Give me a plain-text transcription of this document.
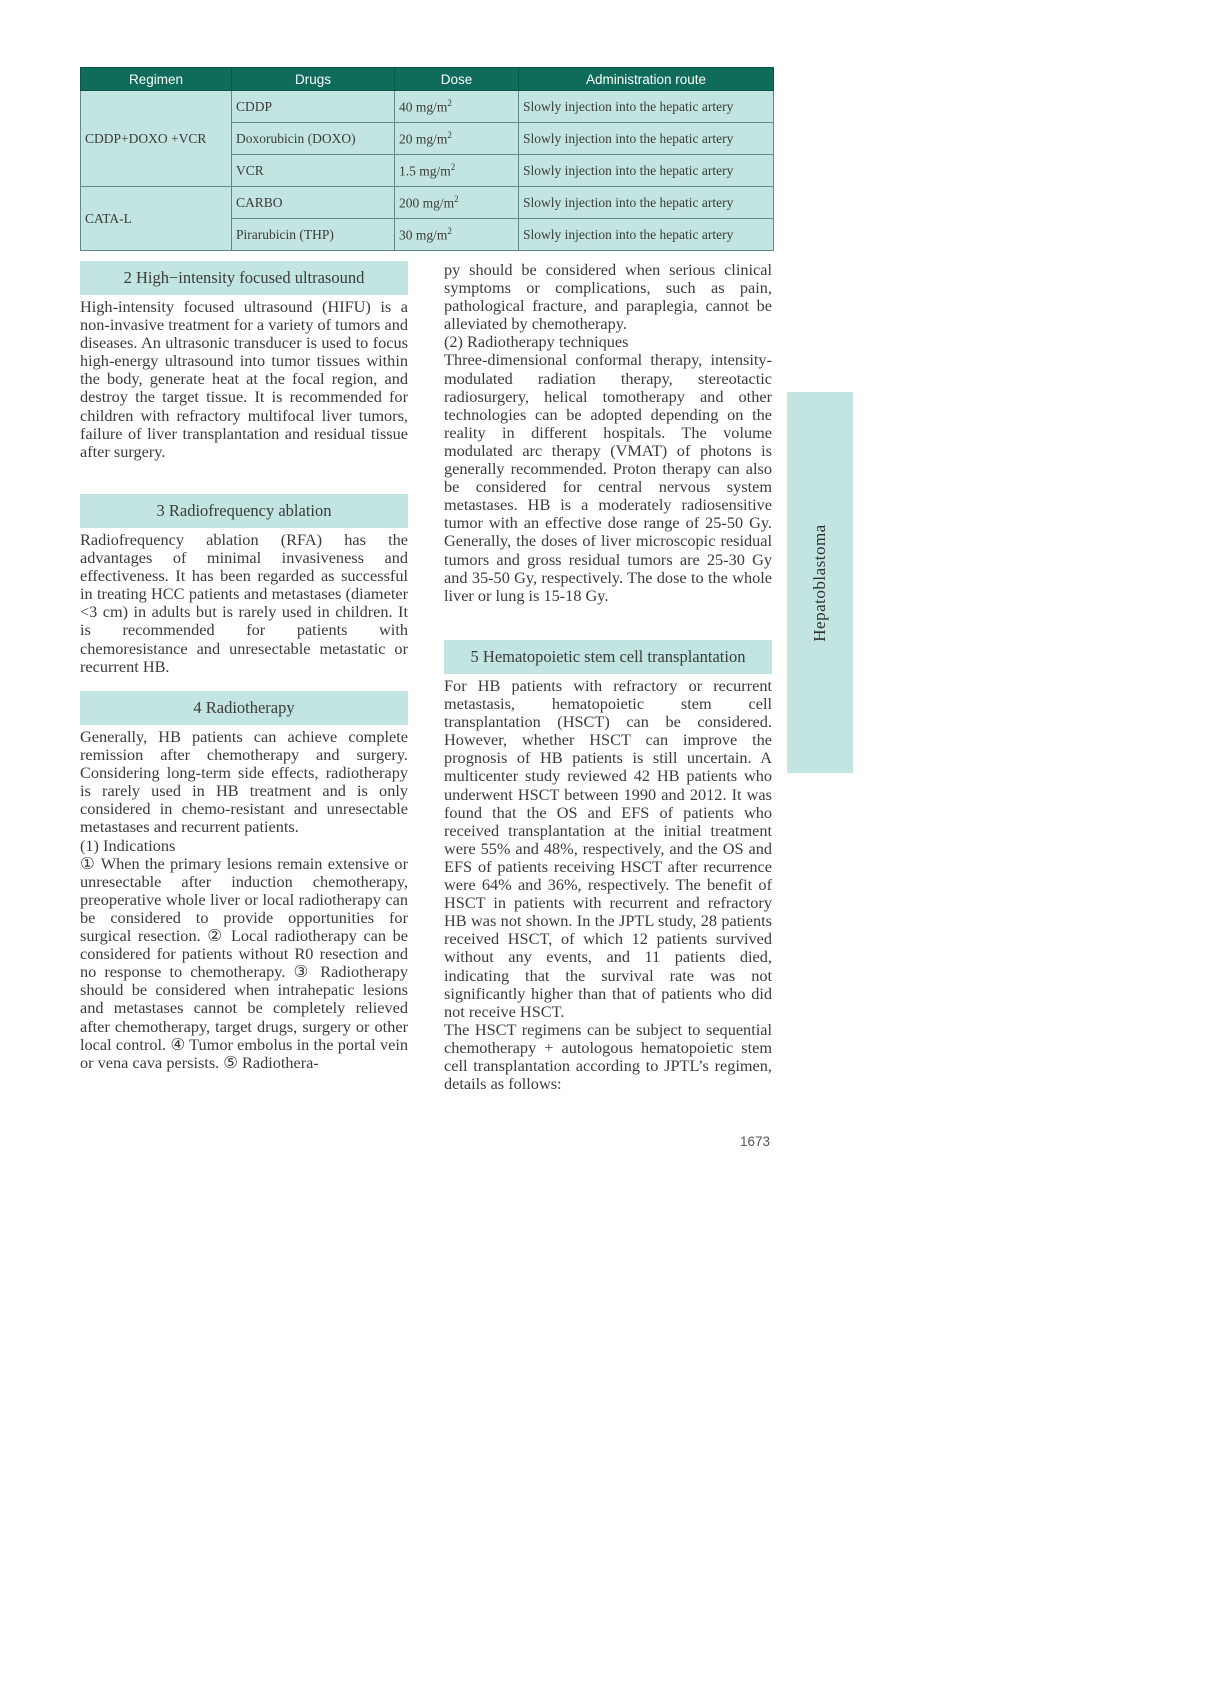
Regimen	Drugs	Dose	Administration route
CDDP+DOXO +VCR	CDDP	40 $mg/m^2$	Slowly injection into the hepatic artery
	Doxorubicin (DOXO)	20 $mg/m^2$	Slowly injection into the hepatic artery
	VCR	1.5 $mg/m^2$	Slowly injection into the hepatic artery
CATA-L	CARBO	200 $mg/m^2$	Slowly injection into the hepatic artery
	Pirarubicin (THP)	30 $mg/m^2$	Slowly injection into the hepatic artery
2 High−intensity focused ultrasound

High-intensity focused ultrasound (HIFU) is a non-invasive treatment for a variety of tumors and diseases. An ultrasonic transducer is used to focus high-energy ultrasound into tumor tissues within the body, generate heat at the focal region, and destroy the target tissue. It is recommended for children with refractory multifocal liver tumors, failure of liver transplantation and residual tissue after surgery.

3 Radiofrequency ablation

Radiofrequency ablation (RFA) has the advantages of minimal invasiveness and effectiveness. It has been regarded as successful in treating HCC patients and metastases (diameter <3 cm) in adults but is rarely used in children. It is recommended for patients with chemoresistance and unresectable metastatic or recurrent HB.

4 Radiotherapy

Generally, HB patients can achieve complete remission after chemotherapy and surgery. Considering long-term side effects, radiotherapy is rarely used in HB treatment and is only considered in chemo-resistant and unresectable metastases and recurrent patients.

(1) Indications

① When the primary lesions remain extensive or unresectable after induction chemotherapy, preoperative whole liver or local radiotherapy can be considered to provide opportunities for surgical resection. ② Local radiotherapy can be considered for patients without R0 resection and no response to chemotherapy. ③ Radiotherapy should be considered when intrahepatic lesions and metastases cannot be completely relieved after chemotherapy, target drugs, surgery or other local control. ④ Tumor embolus in the portal vein or vena cava persists. ⑤ Radiothera-

py should be considered when serious clinical symptoms or complications, such as pain, pathological fracture, and paraplegia, cannot be alleviated by chemotherapy.

(2) Radiotherapy techniques

Three-dimensional conformal therapy, intensity-modulated radiation therapy, stereotactic radiosurgery, helical tomotherapy and other technologies can be adopted depending on the reality in different hospitals. The volume modulated arc therapy (VMAT) of photons is generally recommended. Proton therapy can also be considered for central nervous system metastases. HB is a moderately radiosensitive tumor with an effective dose range of 25-50 Gy. Generally, the doses of liver microscopic residual tumors and gross residual tumors are 25-30 Gy and 35-50 Gy, respectively. The dose to the whole liver or lung is 15-18 Gy.

5 Hematopoietic stem cell transplantation

For HB patients with refractory or recurrent metastasis, hematopoietic stem cell transplantation (HSCT) can be considered. However, whether HSCT can improve the prognosis of HB patients is still uncertain. A multicenter study reviewed 42 HB patients who underwent HSCT between 1990 and 2012. It was found that the OS and EFS of patients who received transplantation at the initial treatment were 55% and 48%, respectively, and the OS and EFS of patients receiving HSCT after recurrence were 64% and 36%, respectively. The benefit of HSCT in patients with recurrent and refractory HB was not shown. In the JPTL study, 28 patients received HSCT, of which 12 patients survived without any events, and 11 patients died, indicating that the survival rate was not significantly higher than that of patients who did not receive HSCT.

The HSCT regimens can be subject to sequential chemotherapy + autologous hematopoietic stem cell transplantation according to JPTL’s regimen, details as follows:

Hepatoblastoma
1673
